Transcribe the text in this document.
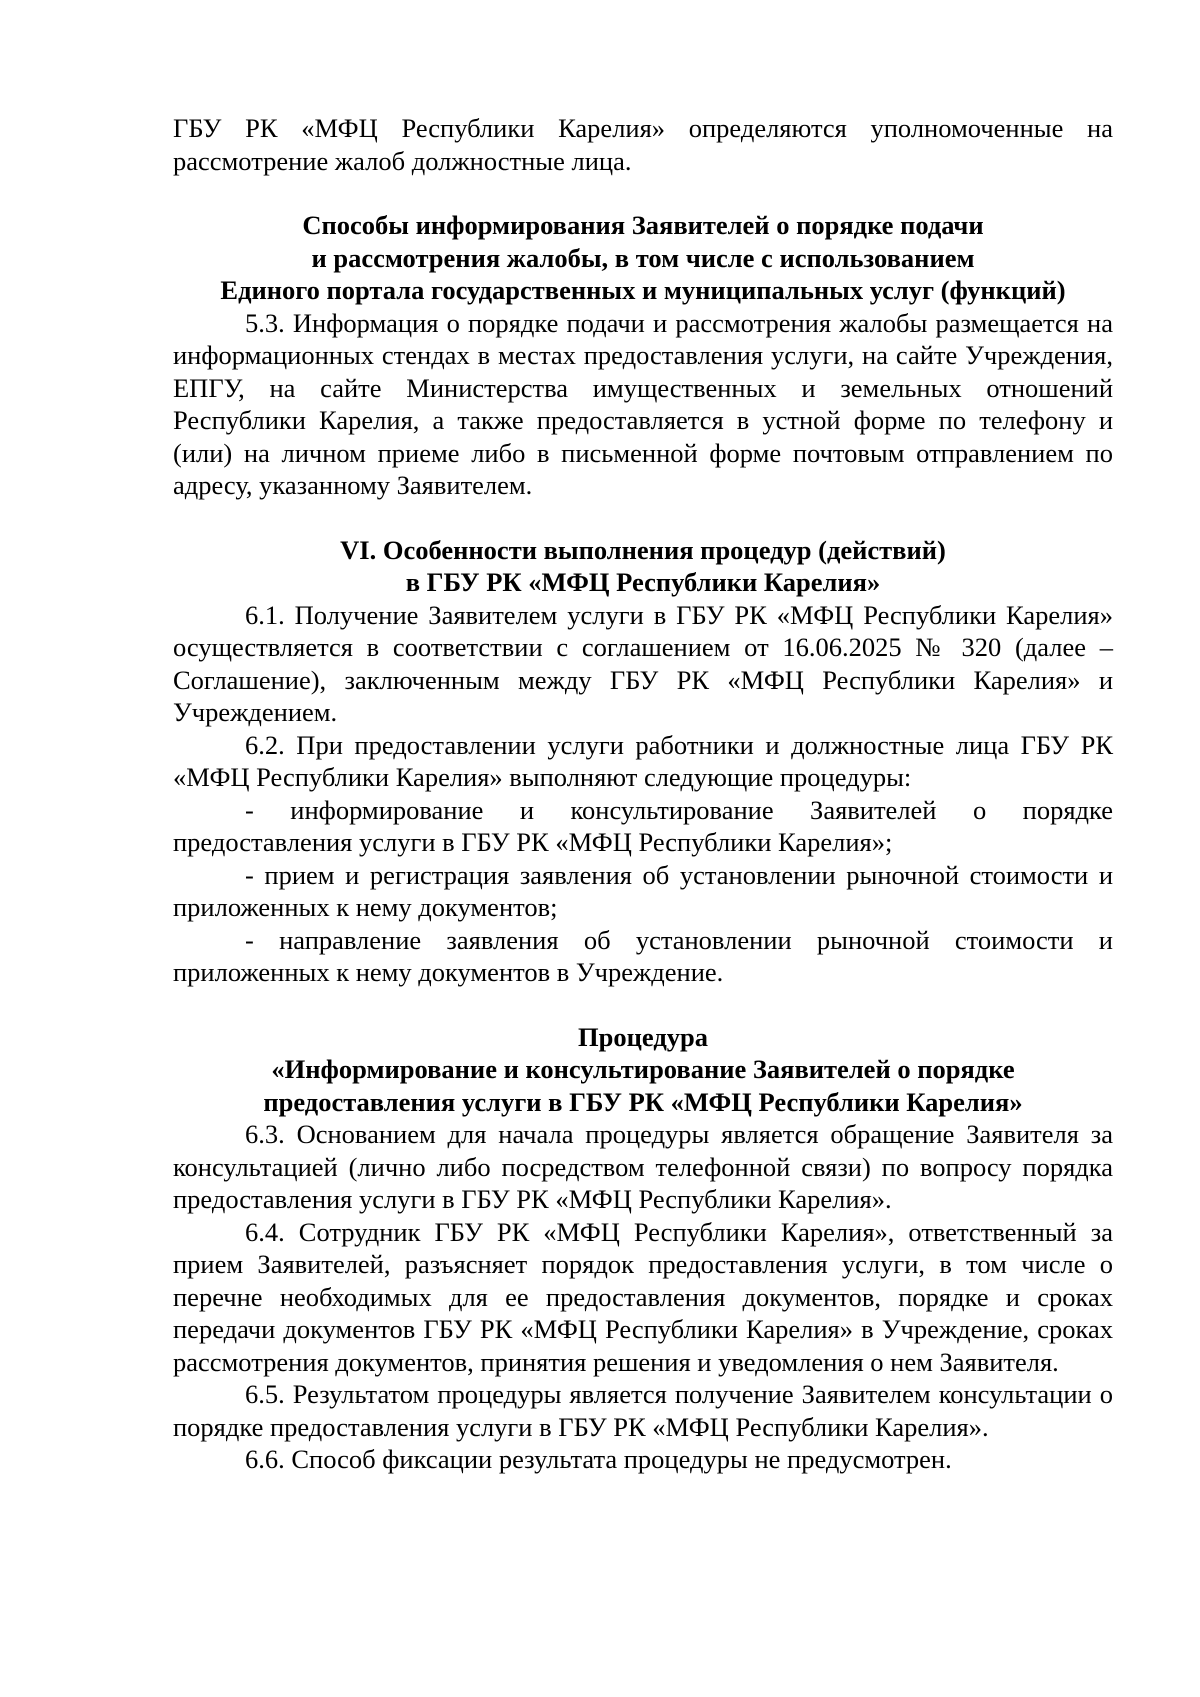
ГБУ РК «МФЦ Республики Карелия» определяются уполномоченные на рассмотрение жалоб должностные лица.

Способы информирования Заявителей о порядке подачи
и рассмотрения жалобы, в том числе с использованием
Единого портала государственных и муниципальных услуг (функций)

5.3. Информация о порядке подачи и рассмотрения жалобы размещается на информационных стендах в местах предоставления услуги, на сайте Учреждения, ЕПГУ, на сайте Министерства имущественных и земельных отношений Республики Карелия, а также предоставляется в устной форме по телефону и (или) на личном приеме либо в письменной форме почтовым отправлением по адресу, указанному Заявителем.

VI. Особенности выполнения процедур (действий)
в ГБУ РК «МФЦ Республики Карелия»

6.1. Получение Заявителем услуги в ГБУ РК «МФЦ Республики Карелия» осуществляется в соответствии с соглашением от 16.06.2025 № 320 (далее – Соглашение), заключенным между ГБУ РК «МФЦ Республики Карелия» и Учреждением.

6.2. При предоставлении услуги работники и должностные лица ГБУ РК «МФЦ Республики Карелия» выполняют следующие процедуры:

- информирование и консультирование Заявителей о порядке предоставления услуги в ГБУ РК «МФЦ Республики Карелия»;

- прием и регистрация заявления об установлении рыночной стоимости и приложенных к нему документов;

- направление заявления об установлении рыночной стоимости и приложенных к нему документов в Учреждение.

Процедура
«Информирование и консультирование Заявителей о порядке
предоставления услуги в ГБУ РК «МФЦ Республики Карелия»

6.3. Основанием для начала процедуры является обращение Заявителя за консультацией (лично либо посредством телефонной связи) по вопросу порядка предоставления услуги в ГБУ РК «МФЦ Республики Карелия».

6.4. Сотрудник ГБУ РК «МФЦ Республики Карелия», ответственный за прием Заявителей, разъясняет порядок предоставления услуги, в том числе о перечне необходимых для ее предоставления документов, порядке и сроках передачи документов ГБУ РК «МФЦ Республики Карелия» в Учреждение, сроках рассмотрения документов, принятия решения и уведомления о нем Заявителя.

6.5. Результатом процедуры является получение Заявителем консультации о порядке предоставления услуги в ГБУ РК «МФЦ Республики Карелия».

6.6. Способ фиксации результата процедуры не предусмотрен.
